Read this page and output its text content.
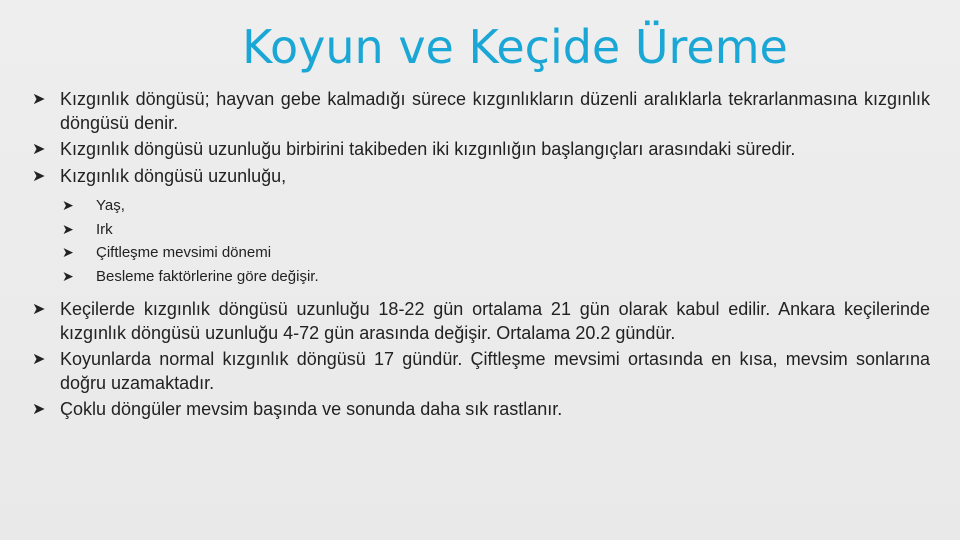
Koyun ve Keçide Üreme
➤ Kızgınlık döngüsü; hayvan gebe kalmadığı sürece kızgınlıkların düzenli aralıklarla tekrarlanmasına kızgınlık döngüsü denir.
➤ Kızgınlık döngüsü uzunluğu birbirini takibeden iki kızgınlığın başlangıçları arasındaki süredir.
➤ Kızgınlık döngüsü uzunluğu,
➤ Yaş,
➤ Irk
➤ Çiftleşme mevsimi dönemi
➤ Besleme faktörlerine göre değişir.
➤ Keçilerde kızgınlık döngüsü uzunluğu 18-22 gün ortalama 21 gün olarak kabul edilir. Ankara keçilerinde kızgınlık döngüsü uzunluğu 4-72 gün arasında değişir. Ortalama 20.2 gündür.
➤ Koyunlarda normal kızgınlık döngüsü 17 gündür. Çiftleşme mevsimi ortasında en kısa, mevsim sonlarına doğru uzamaktadır.
➤ Çoklu döngüler mevsim başında ve sonunda daha sık rastlanır.
